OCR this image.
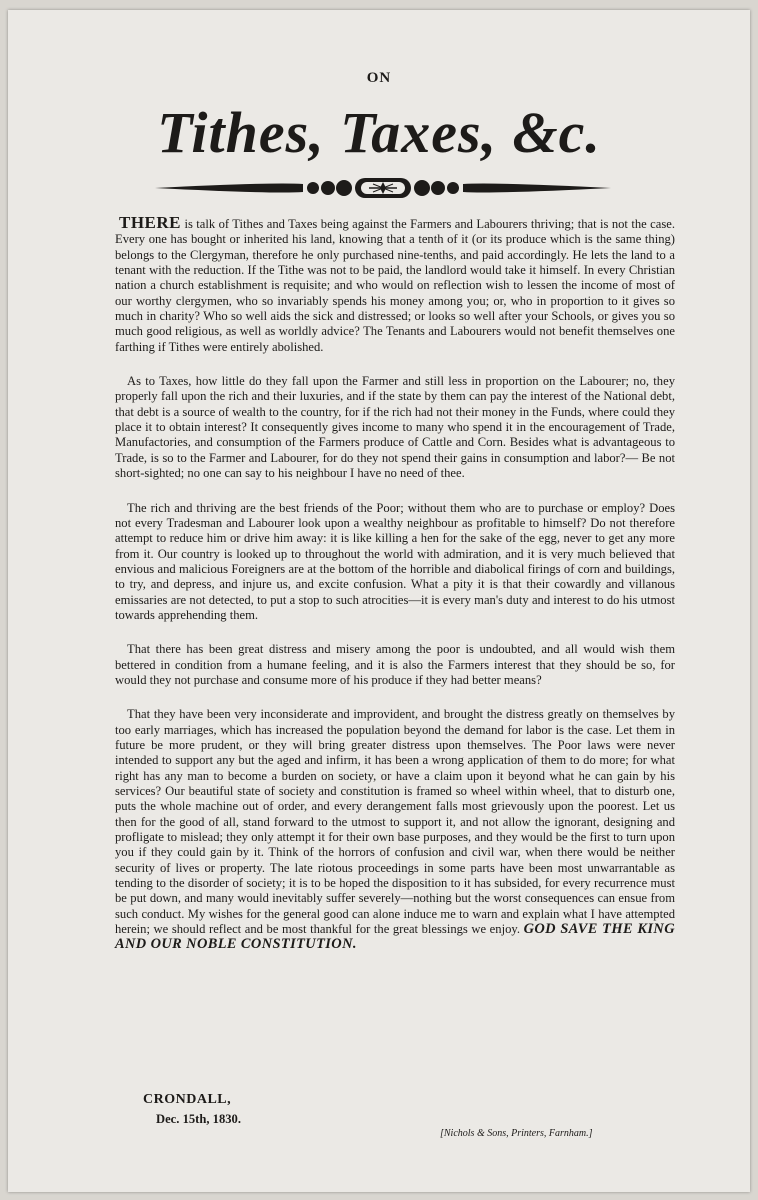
ON
Tithes, Taxes, &c.

THERE is talk of Tithes and Taxes being against the Farmers and Labourers thriving; that is not the case. Every one has bought or inherited his land, knowing that a tenth of it (or its produce which is the same thing) belongs to the Clergyman, therefore he only purchased nine-tenths, and paid accordingly. He lets the land to a tenant with the reduction. If the Tithe was not to be paid, the landlord would take it himself. In every Christian nation a church establishment is requisite; and who would on reflection wish to lessen the income of most of our worthy clergymen, who so invariably spends his money among you; or, who in proportion to it gives so much in charity? Who so well aids the sick and distressed; or looks so well after your Schools, or gives you so much good religious, as well as worldly advice? The Tenants and Labourers would not benefit themselves one farthing if Tithes were entirely abolished.

As to Taxes, how little do they fall upon the Farmer and still less in proportion on the Labourer; no, they properly fall upon the rich and their luxuries, and if the state by them can pay the interest of the National debt, that debt is a source of wealth to the country, for if the rich had not their money in the Funds, where could they place it to obtain interest? It consequently gives income to many who spend it in the encouragement of Trade, Manufactories, and consumption of the Farmers produce of Cattle and Corn. Besides what is advantageous to Trade, is so to the Farmer and Labourer, for do they not spend their gains in consumption and labor?— Be not short-sighted; no one can say to his neighbour I have no need of thee.

The rich and thriving are the best friends of the Poor; without them who are to purchase or employ? Does not every Tradesman and Labourer look upon a wealthy neighbour as profitable to himself? Do not therefore attempt to reduce him or drive him away: it is like killing a hen for the sake of the egg, never to get any more from it. Our country is looked up to throughout the world with admiration, and it is very much believed that envious and malicious Foreigners are at the bottom of the horrible and diabolical firings of corn and buildings, to try, and depress, and injure us, and excite confusion. What a pity it is that their cowardly and villanous emissaries are not detected, to put a stop to such atrocities—it is every man's duty and interest to do his utmost towards apprehending them.

That there has been great distress and misery among the poor is undoubted, and all would wish them bettered in condition from a humane feeling, and it is also the Farmers interest that they should be so, for would they not purchase and consume more of his produce if they had better means?

That they have been very inconsiderate and improvident, and brought the distress greatly on themselves by too early marriages, which has increased the population beyond the demand for labor is the case. Let them in future be more prudent, or they will bring greater distress upon themselves. The Poor laws were never intended to support any but the aged and infirm, it has been a wrong application of them to do more; for what right has any man to become a burden on society, or have a claim upon it beyond what he can gain by his services? Our beautiful state of society and constitution is framed so wheel within wheel, that to disturb one, puts the whole machine out of order, and every derangement falls most grievously upon the poorest. Let us then for the good of all, stand forward to the utmost to support it, and not allow the ignorant, designing and profligate to mislead; they only attempt it for their own base purposes, and they would be the first to turn upon you if they could gain by it. Think of the horrors of confusion and civil war, when there would be neither security of lives or property. The late riotous proceedings in some parts have been most unwarrantable as tending to the disorder of society; it is to be hoped the disposition to it has subsided, for every recurrence must be put down, and many would inevitably suffer severely—nothing but the worst consequences can ensue from such conduct. My wishes for the general good can alone induce me to warn and explain what I have attempted herein; we should reflect and be most thankful for the great blessings we enjoy. GOD SAVE THE KING AND OUR NOBLE CONSTITUTION.

CRONDALL,
Dec. 15th, 1830.
[Nichols & Sons, Printers, Farnham.]
